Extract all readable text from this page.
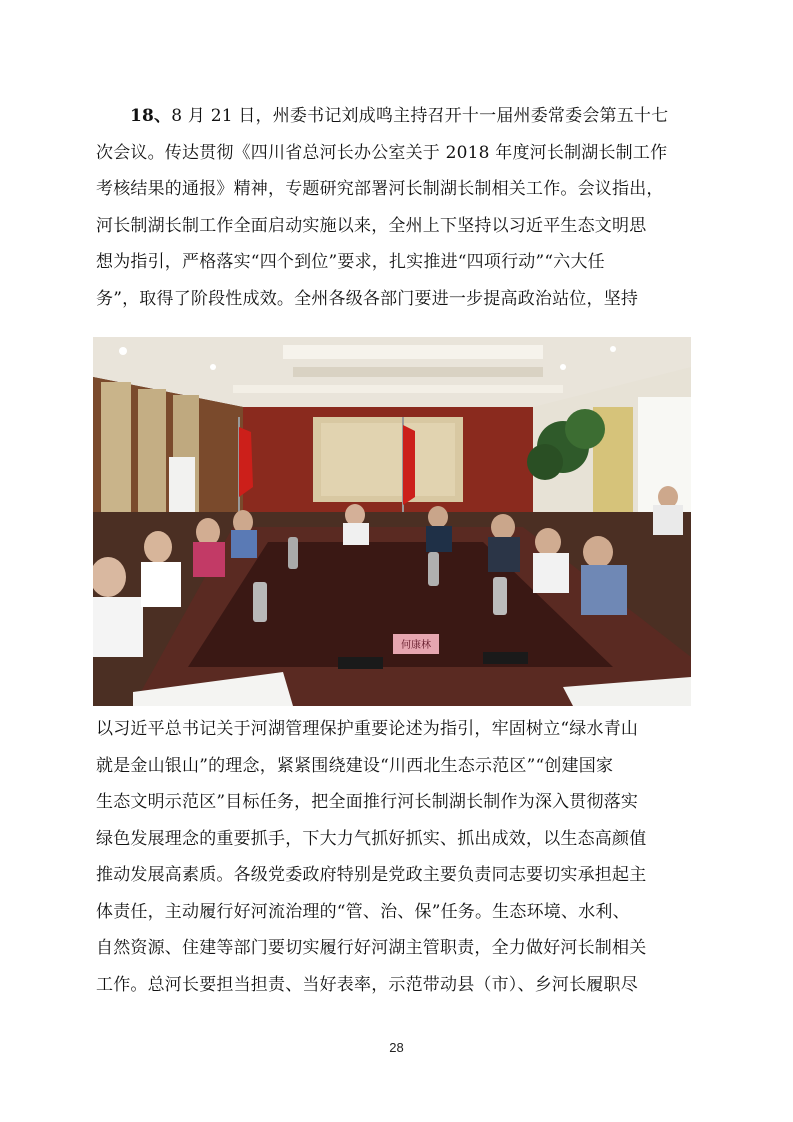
18、8 月 21 日，州委书记刘成鸣主持召开十一届州委常委会第五十七
次会议。传达贯彻《四川省总河长办公室关于 2018 年度河长制湖长制工作
考核结果的通报》精神，专题研究部署河长制湖长制相关工作。会议指出，
河长制湖长制工作全面启动实施以来，全州上下坚持以习近平生态文明思
想为指引，严格落实“四个到位”要求，扎实推进“四项行动”“六大任
务”，取得了阶段性成效。全州各级各部门要进一步提高政治站位，坚持
何康林
以习近平总书记关于河湖管理保护重要论述为指引，牢固树立“绿水青山
就是金山银山”的理念，紧紧围绕建设“川西北生态示范区”“创建国家
生态文明示范区”目标任务，把全面推行河长制湖长制作为深入贯彻落实
绿色发展理念的重要抓手，下大力气抓好抓实、抓出成效，以生态高颜值
推动发展高素质。各级党委政府特别是党政主要负责同志要切实承担起主
体责任，主动履行好河流治理的“管、治、保”任务。生态环境、水利、
自然资源、住建等部门要切实履行好河湖主管职责，全力做好河长制相关
工作。总河长要担当担责、当好表率，示范带动县（市）、乡河长履职尽
28
